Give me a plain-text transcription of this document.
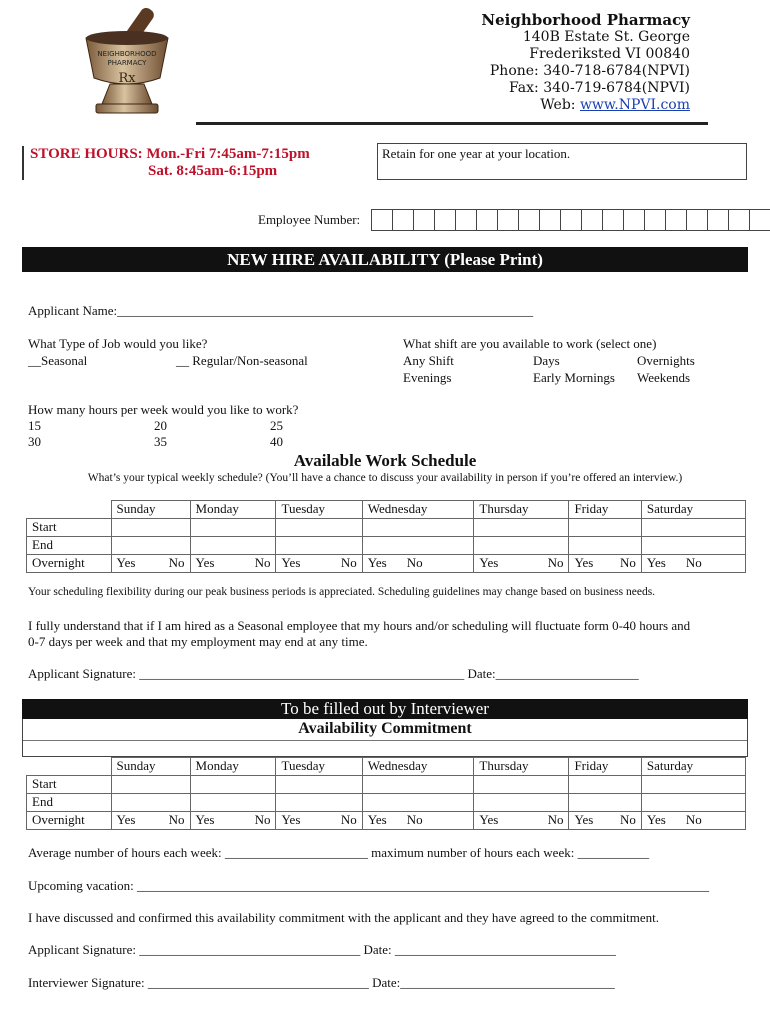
NEIGHBORHOOD
PHARMACY
Rx
Neighborhood Pharmacy
140B Estate St. George
Frederiksted VI 00840
Phone: 340-718-6784(NPVI)
Fax: 340-719-6784(NPVI)
Web: www.NPVI.com
STORE HOURS: Mon.-Fri 7:45am-7:15pm
Sat. 8:45am-6:15pm
Retain for one year at your location.
Employee Number:
NEW HIRE AVAILABILITY (Please Print)
Applicant Name:________________________________________________________________
What Type of Job would you like?
__Seasonal	__ Regular/Non-seasonal
What shift are you available to work (select one)
Any Shift	Days	Overnights
Evenings	Early Mornings Weekends
How many hours per week would you like to work?
15	20	25
30	35	40
Available Work Schedule
What’s your typical weekly schedule? (You’ll have a chance to discuss your availability in person if you’re offered an interview.)
	Sunday	Monday	Tuesday	Wednesday	Thursday	Friday	Saturday
Start							
End							
Overnight	Yes No	Yes No	Yes No	Yes No	Yes No	Yes No	Yes No
Your scheduling flexibility during our peak business periods is appreciated. Scheduling guidelines may change based on business needs.
I fully understand that if I am hired as a Seasonal employee that my hours and/or scheduling will fluctuate form 0-40 hours and
0-7 days per week and that my employment may end at any time.
Applicant Signature: __________________________________________________ Date:______________________
To be filled out by Interviewer
Availability Commitment
	Sunday	Monday	Tuesday	Wednesday	Thursday	Friday	Saturday
Start							
End							
Overnight	Yes No	Yes No	Yes No	Yes No	Yes No	Yes No	Yes No
Average number of hours each week: ______________________ maximum number of hours each week: ___________
Upcoming vacation: ________________________________________________________________________________________
I have discussed and confirmed this availability commitment with the applicant and they have agreed to the commitment.
Applicant Signature: __________________________________ Date: __________________________________
Interviewer Signature: __________________________________ Date:_________________________________
